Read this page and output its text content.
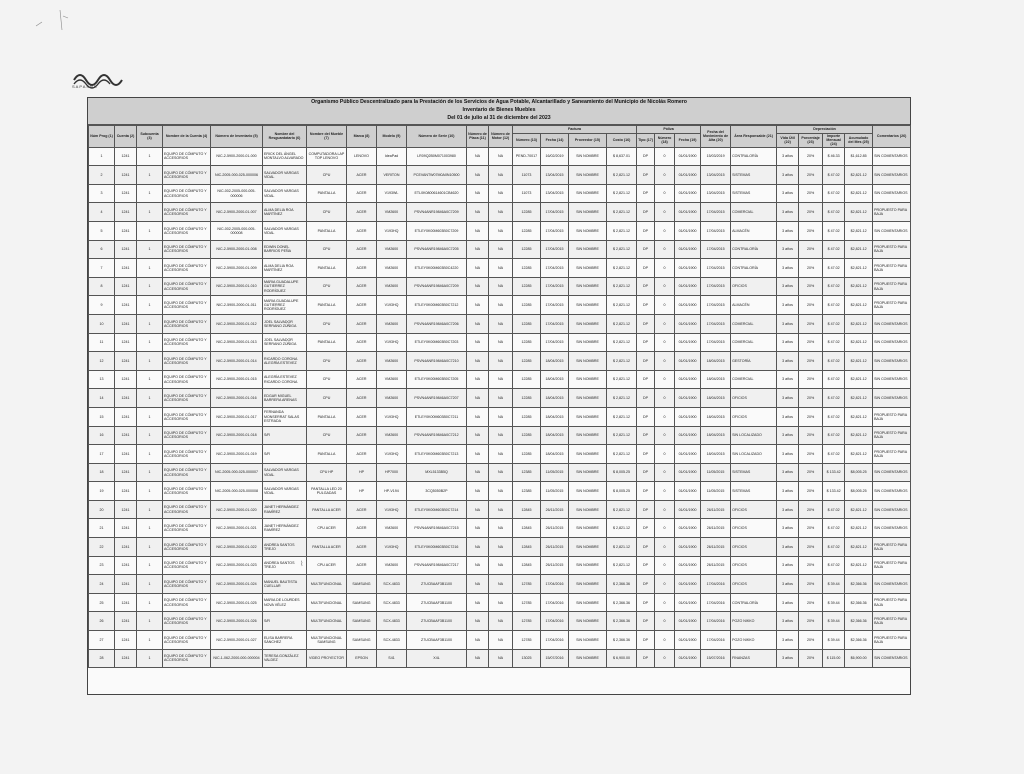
SAPASNR
Organismo Público Descentralizado para la Prestación de los Servicios de Agua Potable, Alcantarillado y Saneamiento del Municipio de Nicolás Romero
Inventario de Bienes Muebles
Del 01 de julio al 31 de diciembre del 2023
Núm Prog (1)	Cuenta (2)	Subcuenta (3)	Nombre de la Cuenta (4)	Número de Inventario (5)	Nombre del Resguardatario (6)	Nombre del Mueble (7)	Marca (8)	Modelo (9)	Número de Serie (10)	Número de Placa (11)	Número de Motor (12)	Factura				Póliza			Fecha del Movimiento de Alta (20)	Área Responsable (21)	Depreciación				Comentarios (26)
												Número (13)	Fecha (14)	Proveedor (15)	Costo (16)	Tipo (17)	Número (18)	Fecha (19)			Vida Útil (22)	Porcentaje (23)	Importe Mensual (24)	Acumulado del Mes (25)	
1	1241	1	EQUIPO DE CÓMPUTO Y ACCESORIOS	NIC-2-5900-2000-01-000	ERICK DEL ÁNGEL MONTALVO ALVARADO	COMPUTADORA LAP TOP LENOVO	LENOVO	IdeaPad	LR09Q2B0M071003980	NA	NA	PEND-70017	16/02/2019	SIN NOMBRE	$ 8,637.01	DP	0	01/01/1900	15/03/2019	CONTRALORÍA	3 años	20%	$ 46.33	$1,612.85	SIN COMENTARIOS
2	1241	1	EQUIPO DE CÓMPUTO Y ACCESORIOS	NIC-2005-000-025-000006	SALVADOR VARGAS VIDAL	CPU	ACER	VERITON	PCEVANTW07M0A0N10500	NA	NA	11073	13/04/2015	SIN NOMBRE	$ 2,821.12	DP	0	01/01/1900	13/04/2015	SISTEMAS	3 años	20%	$ 47.02	$2,821.12	SIN COMENTARIOS
3	1241	1	EQUIPO DE CÓMPUTO Y ACCESORIOS	NIC-002-2005-000-005-000006	SALVADOR VARGAS VIDAL	PANTALLA	ACER	V193WL	ETL0K0800614601CB4620	NA	NA	11073	13/04/2015	SIN NOMBRE	$ 2,821.12	DP	0	01/01/1900	13/04/2015	SISTEMAS	3 años	20%	$ 47.02	$2,821.12	SIN COMENTARIOS
4	1241	1	EQUIPO DE CÓMPUTO Y ACCESORIOS	NIC-2-5900-2000-01-007	ALMA DELIA ROA MARTÍNEZ	CPU	ACER	VM2600	PSVN4ANR19846A0C7209	NA	NA	12285	17/04/2015	SIN NOMBRE	$ 2,821.12	DP	0	01/01/1900	17/04/2015	COMERCIAL	3 años	20%	$ 47.02	$2,821.12	PROPUESTO PARA BAJA
5	1241	1	EQUIPO DE CÓMPUTO Y ACCESORIOS	NIC-002-2005-000-005-000008	SALVADOR VARGAS VIDAL	PANTALLA	ACER	V193HQ	ETLEY0K00M603B0C7209	NA	NA	12285	17/04/2015	SIN NOMBRE	$ 2,821.12	DP	0	01/01/1900	17/04/2015	ALMACÉN	3 años	20%	$ 47.02	$2,821.12	SIN COMENTARIOS
6	1241	1	EQUIPO DE CÓMPUTO Y ACCESORIOS	NIC-2-5900-2000-01-008	EDWIN DONEL BARRIOS PEÑA	CPU	ACER	VM2600	PSVN4ANR19846A0C7205	NA	NA	12285	17/04/2015	SIN NOMBRE	$ 2,821.12	DP	0	01/01/1900	17/04/2015	CONTRALORÍA	3 años	20%	$ 47.02	$2,821.12	PROPUESTO PARA BAJA
7	1241	1	EQUIPO DE CÓMPUTO Y ACCESORIOS	NIC-2-5900-2000-01-009	ALMA DELIA ROA MARTÍNEZ	PANTALLA	ACER	VM2600	ETLEY0K00M603B0C4220	NA	NA	12285	17/04/2015	SIN NOMBRE	$ 2,821.12	DP	0	01/01/1900	17/04/2015	CONTRALORÍA	3 años	20%	$ 47.02	$2,821.12	PROPUESTO PARA BAJA
8	1241	1	EQUIPO DE CÓMPUTO Y ACCESORIOS	NIC-2-5900-2000-01-010	MARIA GUADALUPE GUTIERREZ RODRÍGUEZ	CPU	ACER	VM2600	PSVN4ANR19846A0C7209	NA	NA	12285	17/04/2015	SIN NOMBRE	$ 2,821.12	DP	0	01/01/1900	17/04/2015	OFICIOS	3 años	20%	$ 47.02	$2,821.12	PROPUESTO PARA BAJA
9	1241	1	EQUIPO DE CÓMPUTO Y ACCESORIOS	NIC-2-5900-2000-01-011	MARIA GUADALUPE GUTIERREZ RODRÍGUEZ	PANTALLA	ACER	V193HQ	ETLEY0K00M603B0C7212	NA	NA	12285	17/04/2015	SIN NOMBRE	$ 2,821.12	DP	0	01/01/1900	17/04/2015	ALMACÉN	3 años	20%	$ 47.02	$2,821.12	PROPUESTO PARA BAJA
10	1241	1	EQUIPO DE CÓMPUTO Y ACCESORIOS	NIC-2-5900-2000-01-012	JOEL SALVADOR SERRANO ZÚÑIGA	CPU	ACER	VM2600	PSVN4ANR19846A0C7206	NA	NA	12285	17/04/2015	SIN NOMBRE	$ 2,821.12	DP	0	01/01/1900	17/04/2015	COMERCIAL	3 años	20%	$ 47.02	$2,821.12	SIN COMENTARIOS
11	1241	1	EQUIPO DE CÓMPUTO Y ACCESORIOS	NIC-2-5900-2000-01-013	JOEL SALVADOR SERRANO ZÚÑIGA	PANTALLA	ACER	V193HQ	ETLEY0K00M603B0C7203	NA	NA	12285	17/04/2015	SIN NOMBRE	$ 2,821.12	DP	0	01/01/1900	17/04/2015	COMERCIAL	3 años	20%	$ 47.02	$2,821.12	SIN COMENTARIOS
12	1241	1	EQUIPO DE CÓMPUTO Y ACCESORIOS	NIC-2-5900-2000-01-014	RICARDO CORONA ALEGRÍA ESTEVEZ	CPU	ACER	VM2600	PSVN4ANR19846A0C7210	NA	NA	12285	18/04/2015	SIN NOMBRE	$ 2,821.12	DP	0	01/01/1900	18/04/2015	GESTORÍA	3 años	20%	$ 47.02	$2,821.12	SIN COMENTARIOS
13	1241	1	EQUIPO DE CÓMPUTO Y ACCESORIOS	NIC-2-5900-2000-01-015	ALEGRÍA ESTEVEZ RICARDO CORONA	CPU	ACER	VM2600	ETLEY0K00M603B0C7205	NA	NA	12285	18/04/2015	SIN NOMBRE	$ 2,821.12	DP	0	01/01/1900	18/04/2015	COMERCIAL	3 años	20%	$ 47.02	$2,821.12	SIN COMENTARIOS
14	1241	1	EQUIPO DE CÓMPUTO Y ACCESORIOS	NIC-2-5900-2000-01-016	EDGAR MIGUEL BARRERA ARENAS	CPU	ACER	VM2600	PSVN4ANR19846A0C7207	NA	NA	12285	18/04/2015	SIN NOMBRE	$ 2,821.12	DP	0	01/01/1900	18/04/2015	OFICIOS	3 años	20%	$ 47.02	$2,821.12	SIN COMENTARIOS
15	1241	1	EQUIPO DE CÓMPUTO Y ACCESORIOS	NIC-2-5900-2000-01-017	FERNANDA MONSERRAT SALAS ESTRADA	PANTALLA	ACER	V193HQ	ETLEY0K00M603B0C7211	NA	NA	12285	18/04/2015	SIN NOMBRE	$ 2,821.12	DP	0	01/01/1900	18/04/2015	OFICIOS	3 años	20%	$ 47.02	$2,821.12	PROPUESTO PARA BAJA
16	1241	1	EQUIPO DE CÓMPUTO Y ACCESORIOS	NIC-2-5900-2000-01-018	S/R	CPU	ACER	VM2600	PSVN4ANR19846A0C7212	NA	NA	12285	18/04/2015	SIN NOMBRE	$ 2,821.12	DP	0	01/01/1900	18/04/2015	SIN LOCALIZADO	3 años	20%	$ 47.02	$2,821.12	PROPUESTO PARA BAJA
17	1241	1	EQUIPO DE CÓMPUTO Y ACCESORIOS	NIC-2-5900-2000-01-019	S/R	PANTALLA	ACER	V193HQ	ETLEY0K00M603B0C7213	NA	NA	12285	18/04/2015	SIN NOMBRE	$ 2,821.12	DP	0	01/01/1900	18/04/2015	SIN LOCALIZADO	3 años	20%	$ 47.02	$2,821.12	PROPUESTO PARA BAJA
18	1241	1	EQUIPO DE CÓMPUTO Y ACCESORIOS	NIC-2005-000-025-000007	SALVADOR VARGAS VIDAL	CPU HP	HP	HP7000	MXL5133B5Q	NA	NA	12385	11/05/2015	SIN NOMBRE	$ 8,005.25	DP	0	01/01/1900	11/05/2015	SISTEMAS	3 años	20%	$ 133.42	$8,005.25	SIN COMENTARIOS
19	1241	1	EQUIPO DE CÓMPUTO Y ACCESORIOS	NIC-2005-000-025-000008	SALVADOR VARGAS VIDAL	PANTALLA LED 20 PULGADAS	HP	HP-V194	3CQ5050B2P	NA	NA	12385	11/05/2015	SIN NOMBRE	$ 8,005.25	DP	0	01/01/1900	11/05/2015	SISTEMAS	3 años	20%	$ 133.42	$8,005.25	SIN COMENTARIOS
20	1241	1	EQUIPO DE CÓMPUTO Y ACCESORIOS	NIC-2-5900-2000-01-020	JANET HERNÁNDEZ RAMÍREZ	PANTALLA ACER	ACER	V193HQ	ETLEY0K00M603B0C7214	NA	NA	12845	26/11/2015	SIN NOMBRE	$ 2,821.12	DP	0	01/01/1900	26/11/2015	OFICIOS	3 años	20%	$ 47.02	$2,821.12	SIN COMENTARIOS
21	1241	1	EQUIPO DE CÓMPUTO Y ACCESORIOS	NIC-2-5900-2000-01-021	JANET HERNÁNDEZ RAMÍREZ	CPU ACER	ACER	VM2600	PSVN4ANR19846A0C7215	NA	NA	12845	26/11/2015	SIN NOMBRE	$ 2,821.12	DP	0	01/01/1900	26/11/2015	OFICIOS	3 años	20%	$ 47.02	$2,821.12	SIN COMENTARIOS
22	1241	1	EQUIPO DE CÓMPUTO Y ACCESORIOS	NIC-2-5900-2000-01-022	ANDREA SANTOS TREJO	PANTALLA ACER	ACER	V193HQ	ETLEY0K00M603B0C7216	NA	NA	12845	26/11/2015	SIN NOMBRE	$ 2,821.12	DP	0	01/01/1900	26/11/2015	OFICIOS	3 años	20%	$ 47.02	$2,821.12	PROPUESTO PARA BAJA
23	1241	1	EQUIPO DE CÓMPUTO Y ACCESORIOS	NIC-2-5900-2000-01-023	ANDREA SANTOS TREJO	CPU ACER	ACER	VM2600	PSVN4ANR19846A0C7217	NA	NA	12845	26/11/2015	SIN NOMBRE	$ 2,821.12	DP	0	01/01/1900	26/11/2015	OFICIOS	3 años	20%	$ 47.02	$2,821.12	PROPUESTO PARA BAJA
24	1241	1	EQUIPO DE CÓMPUTO Y ACCESORIOS	NIC-2-5900-2000-01-024	MANUEL BAUTISTA CUELLAR	MULTIFUNCIONAL	SAMSUNG	SCX-4833	Z7UCBAAF3B1100	NA	NA	12785	17/04/2016	SIN NOMBRE	$ 2,366.36	DP	0	01/01/1900	17/04/2016	OFICIOS	3 años	20%	$ 39.44	$2,366.36	SIN COMENTARIOS
25	1241	1	EQUIPO DE CÓMPUTO Y ACCESORIOS	NIC-2-5900-2000-01-025	MARIA DE LOURDES NOVA VÉLEZ	MULTIFUNCIONAL	SAMSUNG	SCX-4833	Z7UCBAAF3B1100	NA	NA	12785	17/04/2016	SIN NOMBRE	$ 2,366.36	DP	0	01/01/1900	17/04/2016	CONTRALORÍA	3 años	20%	$ 39.44	$2,366.36	PROPUESTO PARA BAJA
26	1241	1	EQUIPO DE CÓMPUTO Y ACCESORIOS	NIC-2-5900-2000-01-026	S/R	MULTIFUNCIONAL	SAMSUNG	SCX-4833	Z7UCBAAF3B1100	NA	NA	12785	17/04/2016	SIN NOMBRE	$ 2,366.36	DP	0	01/01/1900	17/04/2016	POZO NIKKO	3 años	20%	$ 39.44	$2,366.36	PROPUESTO PARA BAJA
27	1241	1	EQUIPO DE CÓMPUTO Y ACCESORIOS	NIC-2-5900-2000-01-027	ELISA BARRERA SÁNCHEZ	MULTIFUNCIONAL SAMSUNG	SAMSUNG	SCX-4833	Z7UCBAAF3B1100	NA	NA	12785	17/04/2016	SIN NOMBRE	$ 2,366.36	DP	0	01/01/1900	17/04/2016	POZO NIKKO	3 años	20%	$ 39.44	$2,366.36	PROPUESTO PARA BAJA
28	1241	1	EQUIPO DE CÓMPUTO Y ACCESORIOS	NIC-1-062-2000-000-000004	TERESA GONZÁLEZ VALDEZ	VIDEO PROYECTOR	EPSON	S41	X4L	NA	NA	13025	15/07/2016	SIN NOMBRE	$ 6,900.00	DP	0	01/01/1900	15/07/2016	FINANZAS	3 años	20%	$ 115.00	$6,900.00	SIN COMENTARIOS
⌇
